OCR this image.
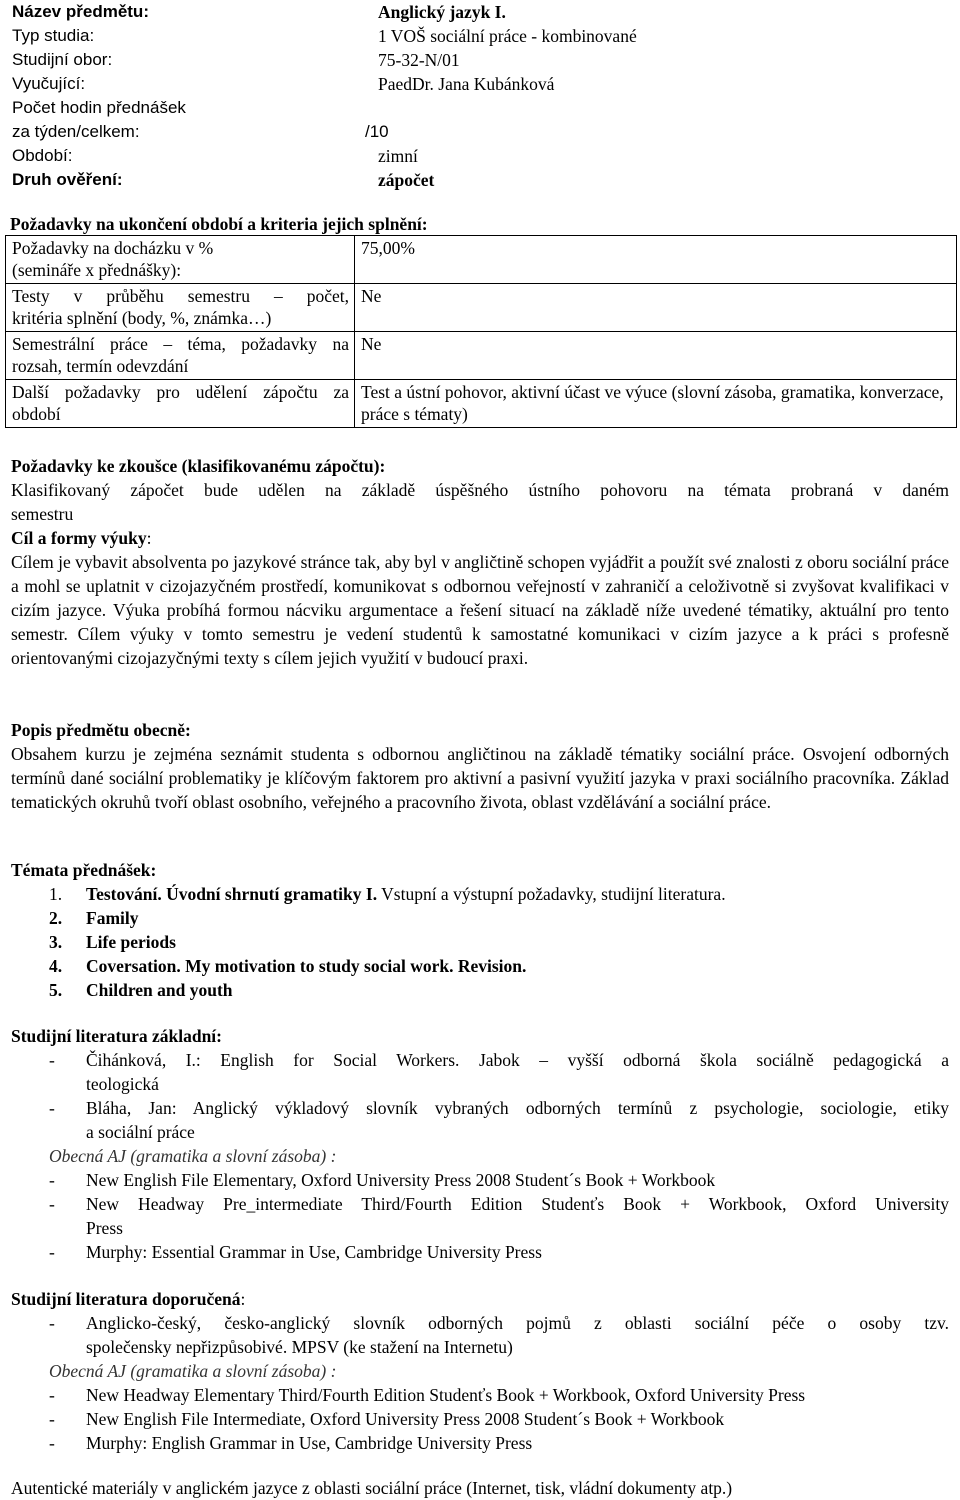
Název předmětu:	Anglický jazyk I.
Typ studia:	1 VOŠ sociální práce - kombinované
Studijní obor:	75-32-N/01
Vyučující:	PaedDr. Jana Kubánková
Počet hodin přednášek
za týden/celkem:	/10
Období:	zimní
Druh ověření:	zápočet
Požadavky na ukončení období a kriteria jejich splnění:
Požadavky na docházku v %
(semináře x přednášky):	75,00%

Testy v průběhu semestru – počet,
kritéria splnění (body, %, známka…)	Ne

Semestrální práce – téma, požadavky na
rozsah, termín odevzdání	Ne

Další požadavky pro udělení zápočtu za
období	Test a ústní pohovor, aktivní účast ve výuce (slovní zásoba, gramatika, konverzace, práce s tématy)
Požadavky ke zkoušce (klasifikovanému zápočtu):
Klasifikovaný zápočet bude udělen na základě úspěšného ústního pohovoru na témata probraná v daném
semestru
Cíl a formy výuky:

Cílem je vybavit absolventa po jazykové stránce tak, aby byl v angličtině schopen vyjádřit a použít své znalosti z oboru sociální práce a mohl se uplatnit v cizojazyčném prostředí, komunikovat s odbornou veřejností v zahraničí a celoživotně si zvyšovat kvalifikaci v cizím jazyce. Výuka probíhá formou nácviku argumentace a řešení situací na základě níže uvedené tématiky, aktuální pro tento semestr. Cílem výuky v tomto semestru je vedení studentů k samostatné komunikaci v cizím jazyce a k práci s profesně orientovanými cizojazyčnými texty s cílem jejich využití v budoucí praxi.

Popis předmětu obecně:

Obsahem kurzu je zejména seznámit studenta s odbornou angličtinou na základě tématiky sociální práce. Osvojení odborných termínů dané sociální problematiky je klíčovým faktorem pro aktivní a pasivní využití jazyka v praxi sociálního pracovníka. Základ tematických okruhů tvoří oblast osobního, veřejného a pracovního života, oblast vzdělávání a sociální práce.

Témata přednášek:
1. Testování. Úvodní shrnutí gramatiky I. Vstupní a výstupní požadavky, studijní literatura.
2. Family
3. Life periods
4. Coversation. My motivation to study social work. Revision.
5. Children and youth
Studijní literatura základní:
- Čihánková, I.: English for Social Workers. Jabok – vyšší odborná škola sociálně pedagogická a
teologická
- Bláha, Jan: Anglický výkladový slovník vybraných odborných termínů z psychologie, sociologie, etiky
a sociální práce
Obecná AJ (gramatika a slovní zásoba) :
- New English File Elementary, Oxford University Press 2008 Student´s Book + Workbook
- New Headway Pre_intermediate Third/Fourth Edition Studenťs Book + Workbook, Oxford University
Press
- Murphy: Essential Grammar in Use, Cambridge University Press
Studijní literatura doporučená:
- Anglicko-český, česko-anglický slovník odborných pojmů z oblasti sociální péče o osoby tzv.
společensky nepřizpůsobivé. MPSV (ke stažení na Internetu)
Obecná AJ (gramatika a slovní zásoba) :
- New Headway Elementary Third/Fourth Edition Studenťs Book + Workbook, Oxford University Press
- New English File Intermediate, Oxford University Press 2008 Student´s Book + Workbook
- Murphy: English Grammar in Use, Cambridge University Press
Autentické materiály v anglickém jazyce z oblasti sociální práce (Internet, tisk, vládní dokumenty atp.)
